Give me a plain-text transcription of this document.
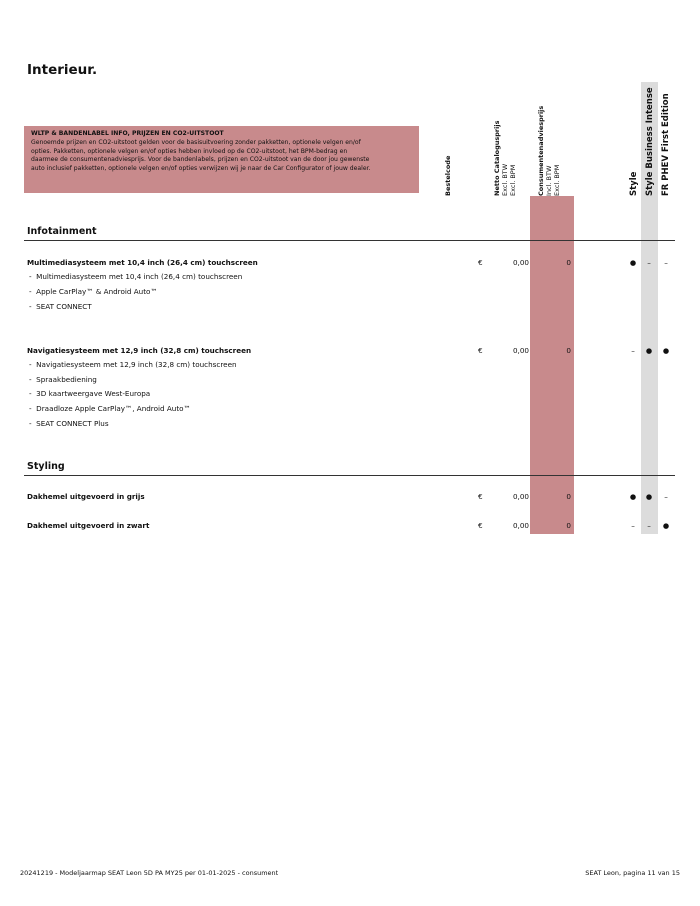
Interieur.
WLTP & BANDENLABEL INFO, PRIJZEN EN CO2-UITSTOOT
Genoemde prijzen en CO2-uitstoot gelden voor de basisuitvoering zonder pakketten, optionele velgen en/of
opties. Pakketten, optionele velgen en/of opties hebben invloed op de CO2-uitstoot, het BPM-bedrag en
daarmee de consumentenadviesprijs. Voor de bandenlabels, prijzen en CO2-uitstoot van de door jou gewenste
auto inclusief pakketten, optionele velgen en/of opties verwijzen wij je naar de Car Configurator of jouw dealer.	Bestelcode	Netto Catalogusprijs Excl. BTW Excl. BPM	Consumentenadviesprijs Incl. BTW Excl. BPM	Style Style Business Intense FR PHEV First Edition
Infotainment
Multimediasysteem met 10,4 inch (26,4 cm) touchscreen
-  Multimediasysteem met 10,4 inch (26,4 cm) touchscreen
-  Apple CarPlay™ & Android Auto™
-  SEAT CONNECT
€	0,00	0	●	–	–
Navigatiesysteem met 12,9 inch (32,8 cm) touchscreen
-  Navigatiesysteem met 12,9 inch (32,8 cm) touchscreen
-  Spraakbediening
-  3D kaartweergave West-Europa
-  Draadloze Apple CarPlay™, Android Auto™
-  SEAT CONNECT Plus
€	0,00	0	–	●	●
Styling
Dakhemel uitgevoerd in grijs	€	0,00	0	●	●	–
Dakhemel uitgevoerd in zwart	€	0,00	0	–	–	●
20241219 - Modeljaarmap SEAT Leon 5D PA MY25 per 01-01-2025 - consument	SEAT Leon, pagina 11 van 15
